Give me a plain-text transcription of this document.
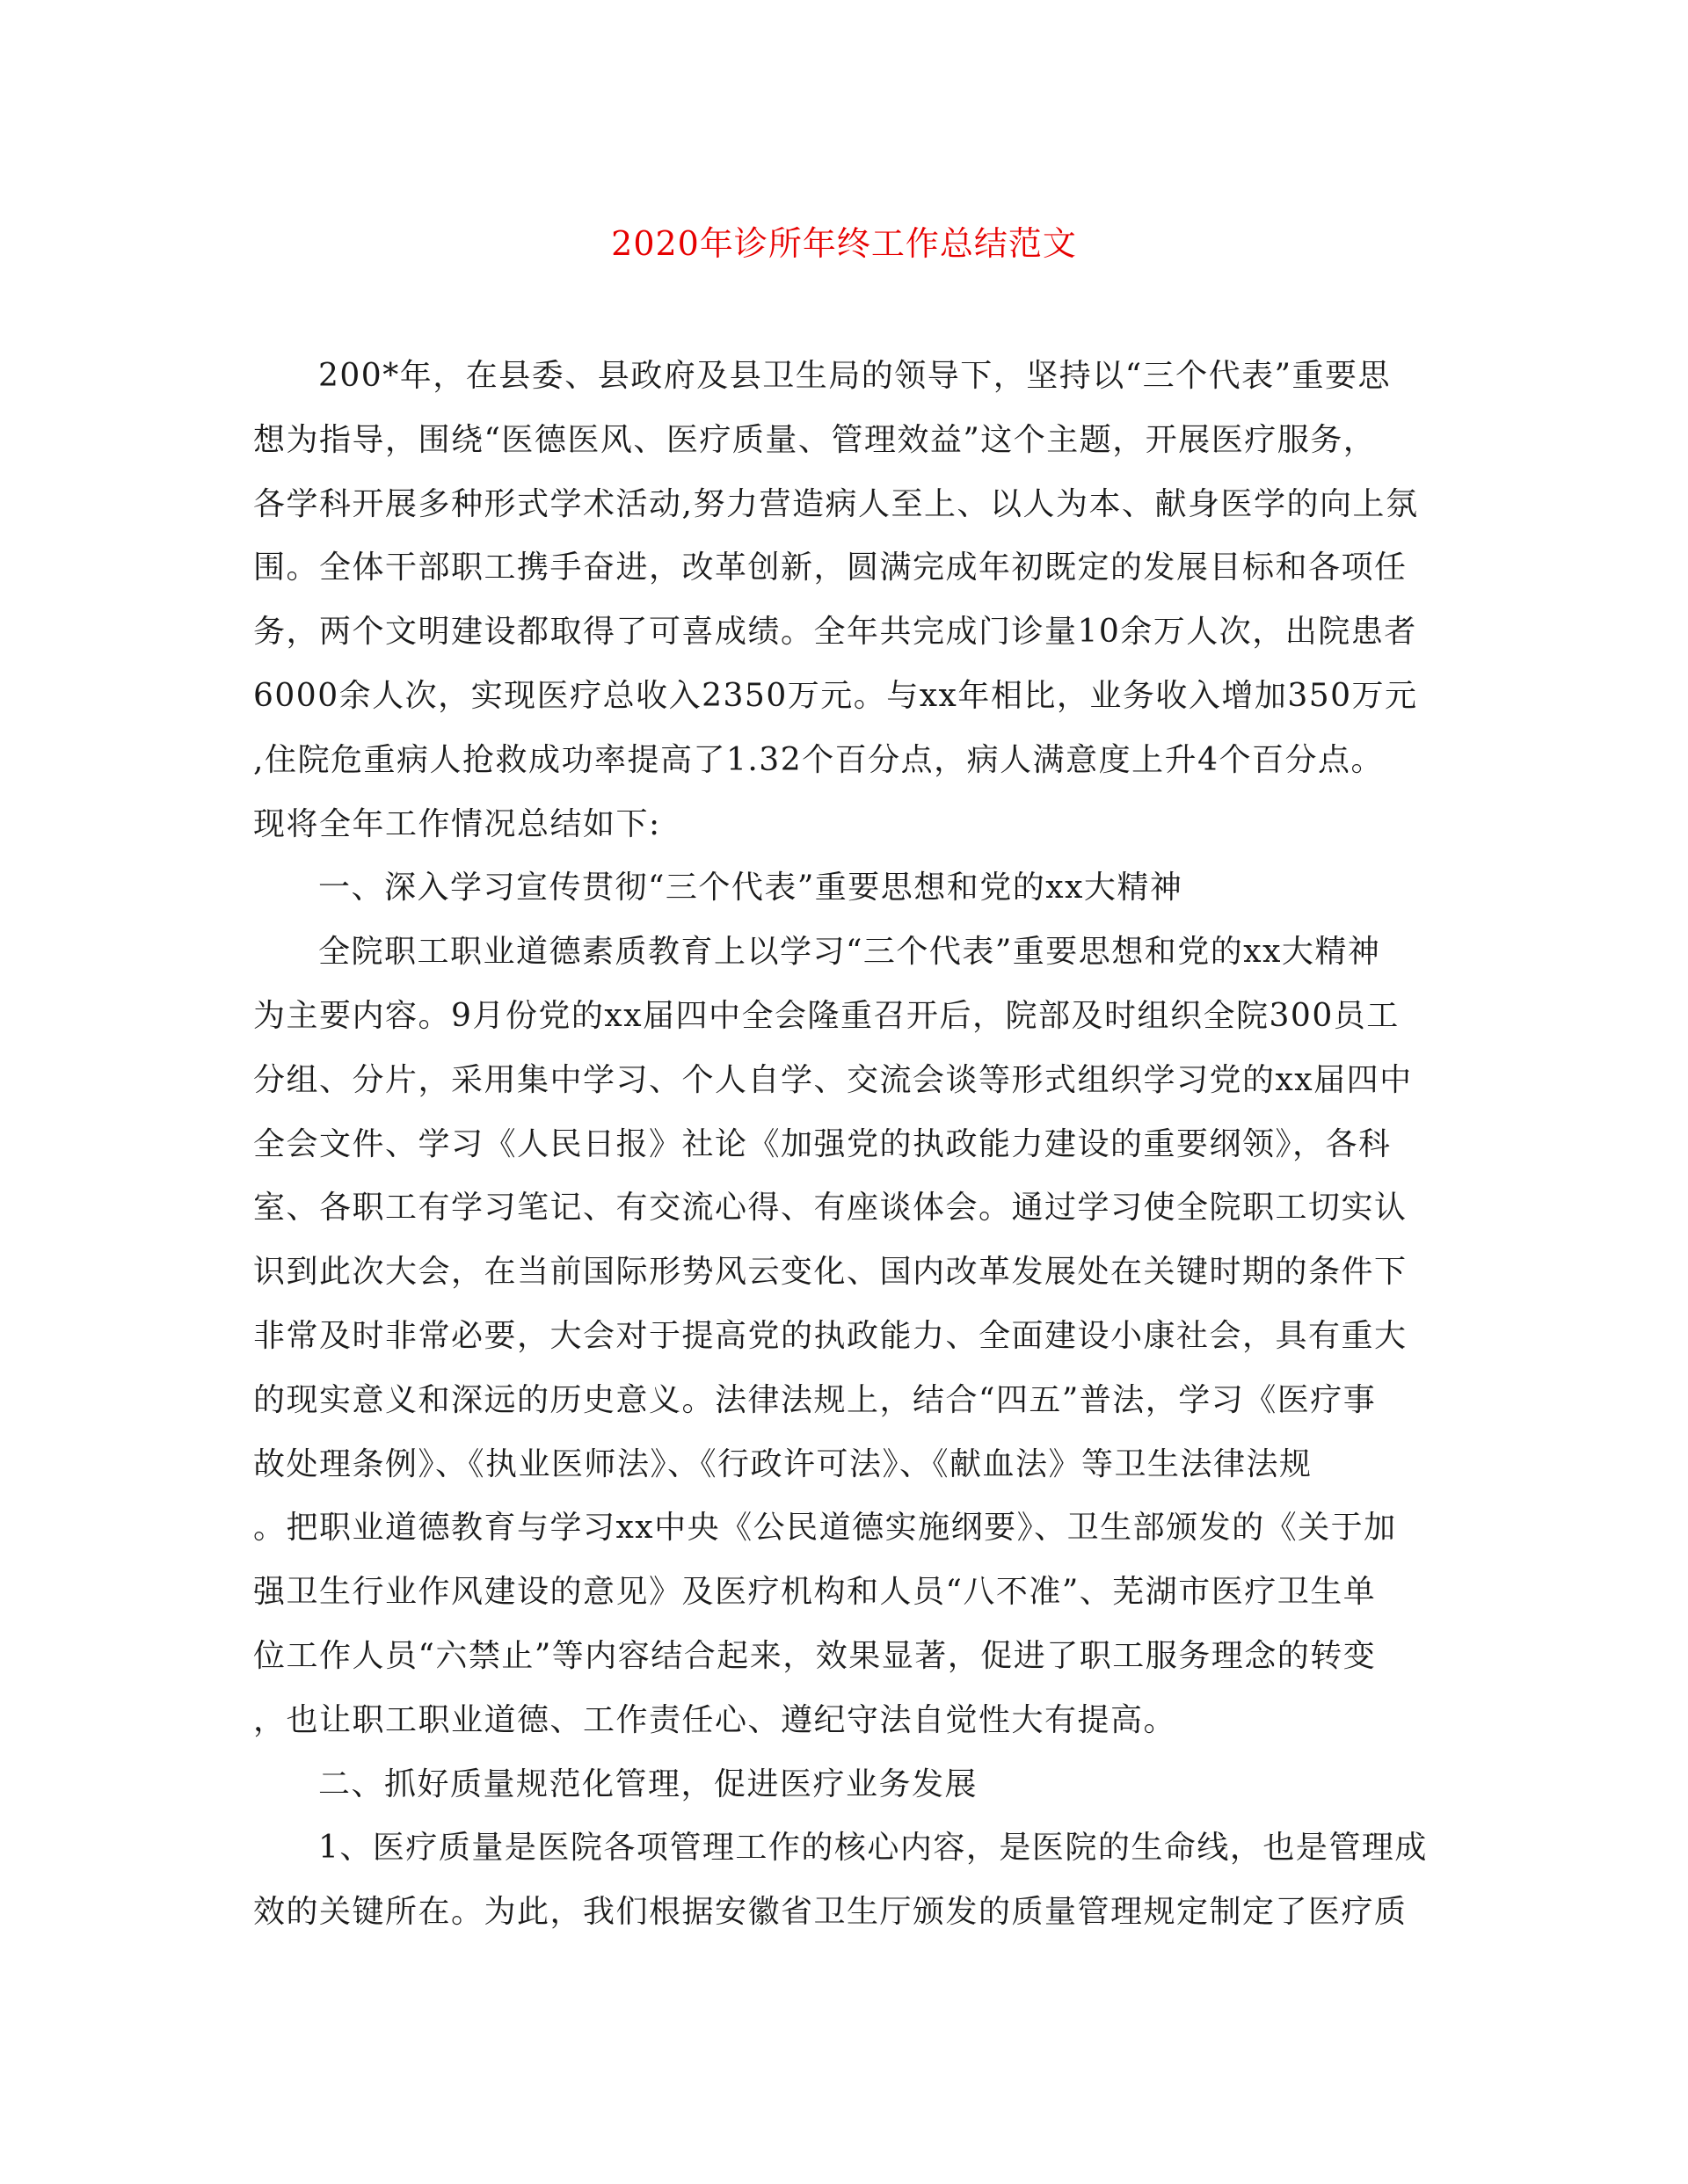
2020年诊所年终工作总结范文
200*年，在县委、县政府及县卫生局的领导下，坚持以“三个代表”重要思
想为指导，围绕“医德医风、医疗质量、管理效益”这个主题，开展医疗服务，
各学科开展多种形式学术活动,努力营造病人至上、以人为本、献身医学的向上氛
围。全体干部职工携手奋进，改革创新，圆满完成年初既定的发展目标和各项任
务，两个文明建设都取得了可喜成绩。全年共完成门诊量10余万人次，出院患者
6000余人次，实现医疗总收入2350万元。与xx年相比，业务收入增加350万元
,住院危重病人抢救成功率提高了1.32个百分点，病人满意度上升4个百分点。
现将全年工作情况总结如下:
一、深入学习宣传贯彻“三个代表”重要思想和党的xx大精神
全院职工职业道德素质教育上以学习“三个代表”重要思想和党的xx大精神
为主要内容。9月份党的xx届四中全会隆重召开后，院部及时组织全院300员工
分组、分片，采用集中学习、个人自学、交流会谈等形式组织学习党的xx届四中
全会文件、学习《人民日报》社论《加强党的执政能力建设的重要纲领》，各科
室、各职工有学习笔记、有交流心得、有座谈体会。通过学习使全院职工切实认
识到此次大会，在当前国际形势风云变化、国内改革发展处在关键时期的条件下
非常及时非常必要，大会对于提高党的执政能力、全面建设小康社会，具有重大
的现实意义和深远的历史意义。法律法规上，结合“四五”普法，学习《医疗事
故处理条例》、《执业医师法》、《行政许可法》、《献血法》等卫生法律法规
。把职业道德教育与学习xx中央《公民道德实施纲要》、卫生部颁发的《关于加
强卫生行业作风建设的意见》及医疗机构和人员“八不准”、芜湖市医疗卫生单
位工作人员“六禁止”等内容结合起来，效果显著，促进了职工服务理念的转变
，也让职工职业道德、工作责任心、遵纪守法自觉性大有提高。
二、抓好质量规范化管理，促进医疗业务发展
1、医疗质量是医院各项管理工作的核心内容，是医院的生命线，也是管理成
效的关键所在。为此，我们根据安徽省卫生厅颁发的质量管理规定制定了医疗质
